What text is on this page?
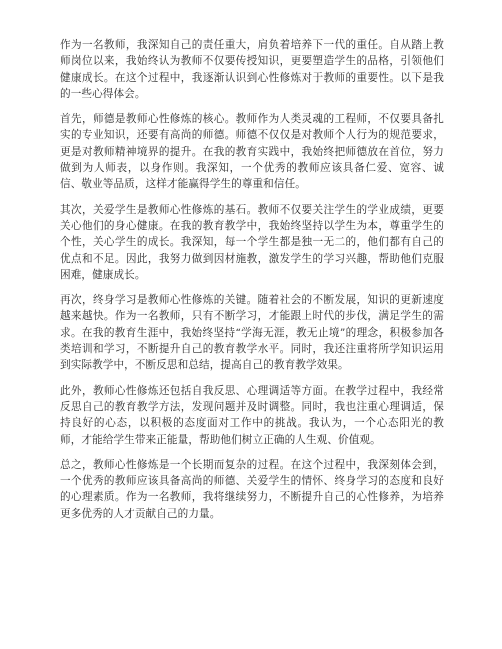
作为一名教师，我深知自己的责任重大，肩负着培养下一代的重任。自从踏上教师岗位以来，我始终认为教师不仅要传授知识，更要塑造学生的品格，引领他们健康成长。在这个过程中，我逐渐认识到心性修炼对于教师的重要性。以下是我的一些心得体会。

首先，师德是教师心性修炼的核心。教师作为人类灵魂的工程师，不仅要具备扎实的专业知识，还要有高尚的师德。师德不仅仅是对教师个人行为的规范要求，更是对教师精神境界的提升。在我的教育实践中，我始终把师德放在首位，努力做到为人师表，以身作则。我深知，一个优秀的教师应该具备仁爱、宽容、诚信、敬业等品质，这样才能赢得学生的尊重和信任。

其次，关爱学生是教师心性修炼的基石。教师不仅要关注学生的学业成绩，更要关心他们的身心健康。在我的教育教学中，我始终坚持以学生为本，尊重学生的个性，关心学生的成长。我深知，每一个学生都是独一无二的，他们都有自己的优点和不足。因此，我努力做到因材施教，激发学生的学习兴趣，帮助他们克服困难，健康成长。

再次，终身学习是教师心性修炼的关键。随着社会的不断发展，知识的更新速度越来越快。作为一名教师，只有不断学习，才能跟上时代的步伐，满足学生的需求。在我的教育生涯中，我始终坚持“学海无涯，教无止境”的理念，积极参加各类培训和学习，不断提升自己的教育教学水平。同时，我还注重将所学知识运用到实际教学中，不断反思和总结，提高自己的教育教学效果。

此外，教师心性修炼还包括自我反思、心理调适等方面。在教学过程中，我经常反思自己的教育教学方法，发现问题并及时调整。同时，我也注重心理调适，保持良好的心态，以积极的态度面对工作中的挑战。我认为，一个心态阳光的教师，才能给学生带来正能量，帮助他们树立正确的人生观、价值观。

总之，教师心性修炼是一个长期而复杂的过程。在这个过程中，我深刻体会到，一个优秀的教师应该具备高尚的师德、关爱学生的情怀、终身学习的态度和良好的心理素质。作为一名教师，我将继续努力，不断提升自己的心性修养，为培养更多优秀的人才贡献自己的力量。
